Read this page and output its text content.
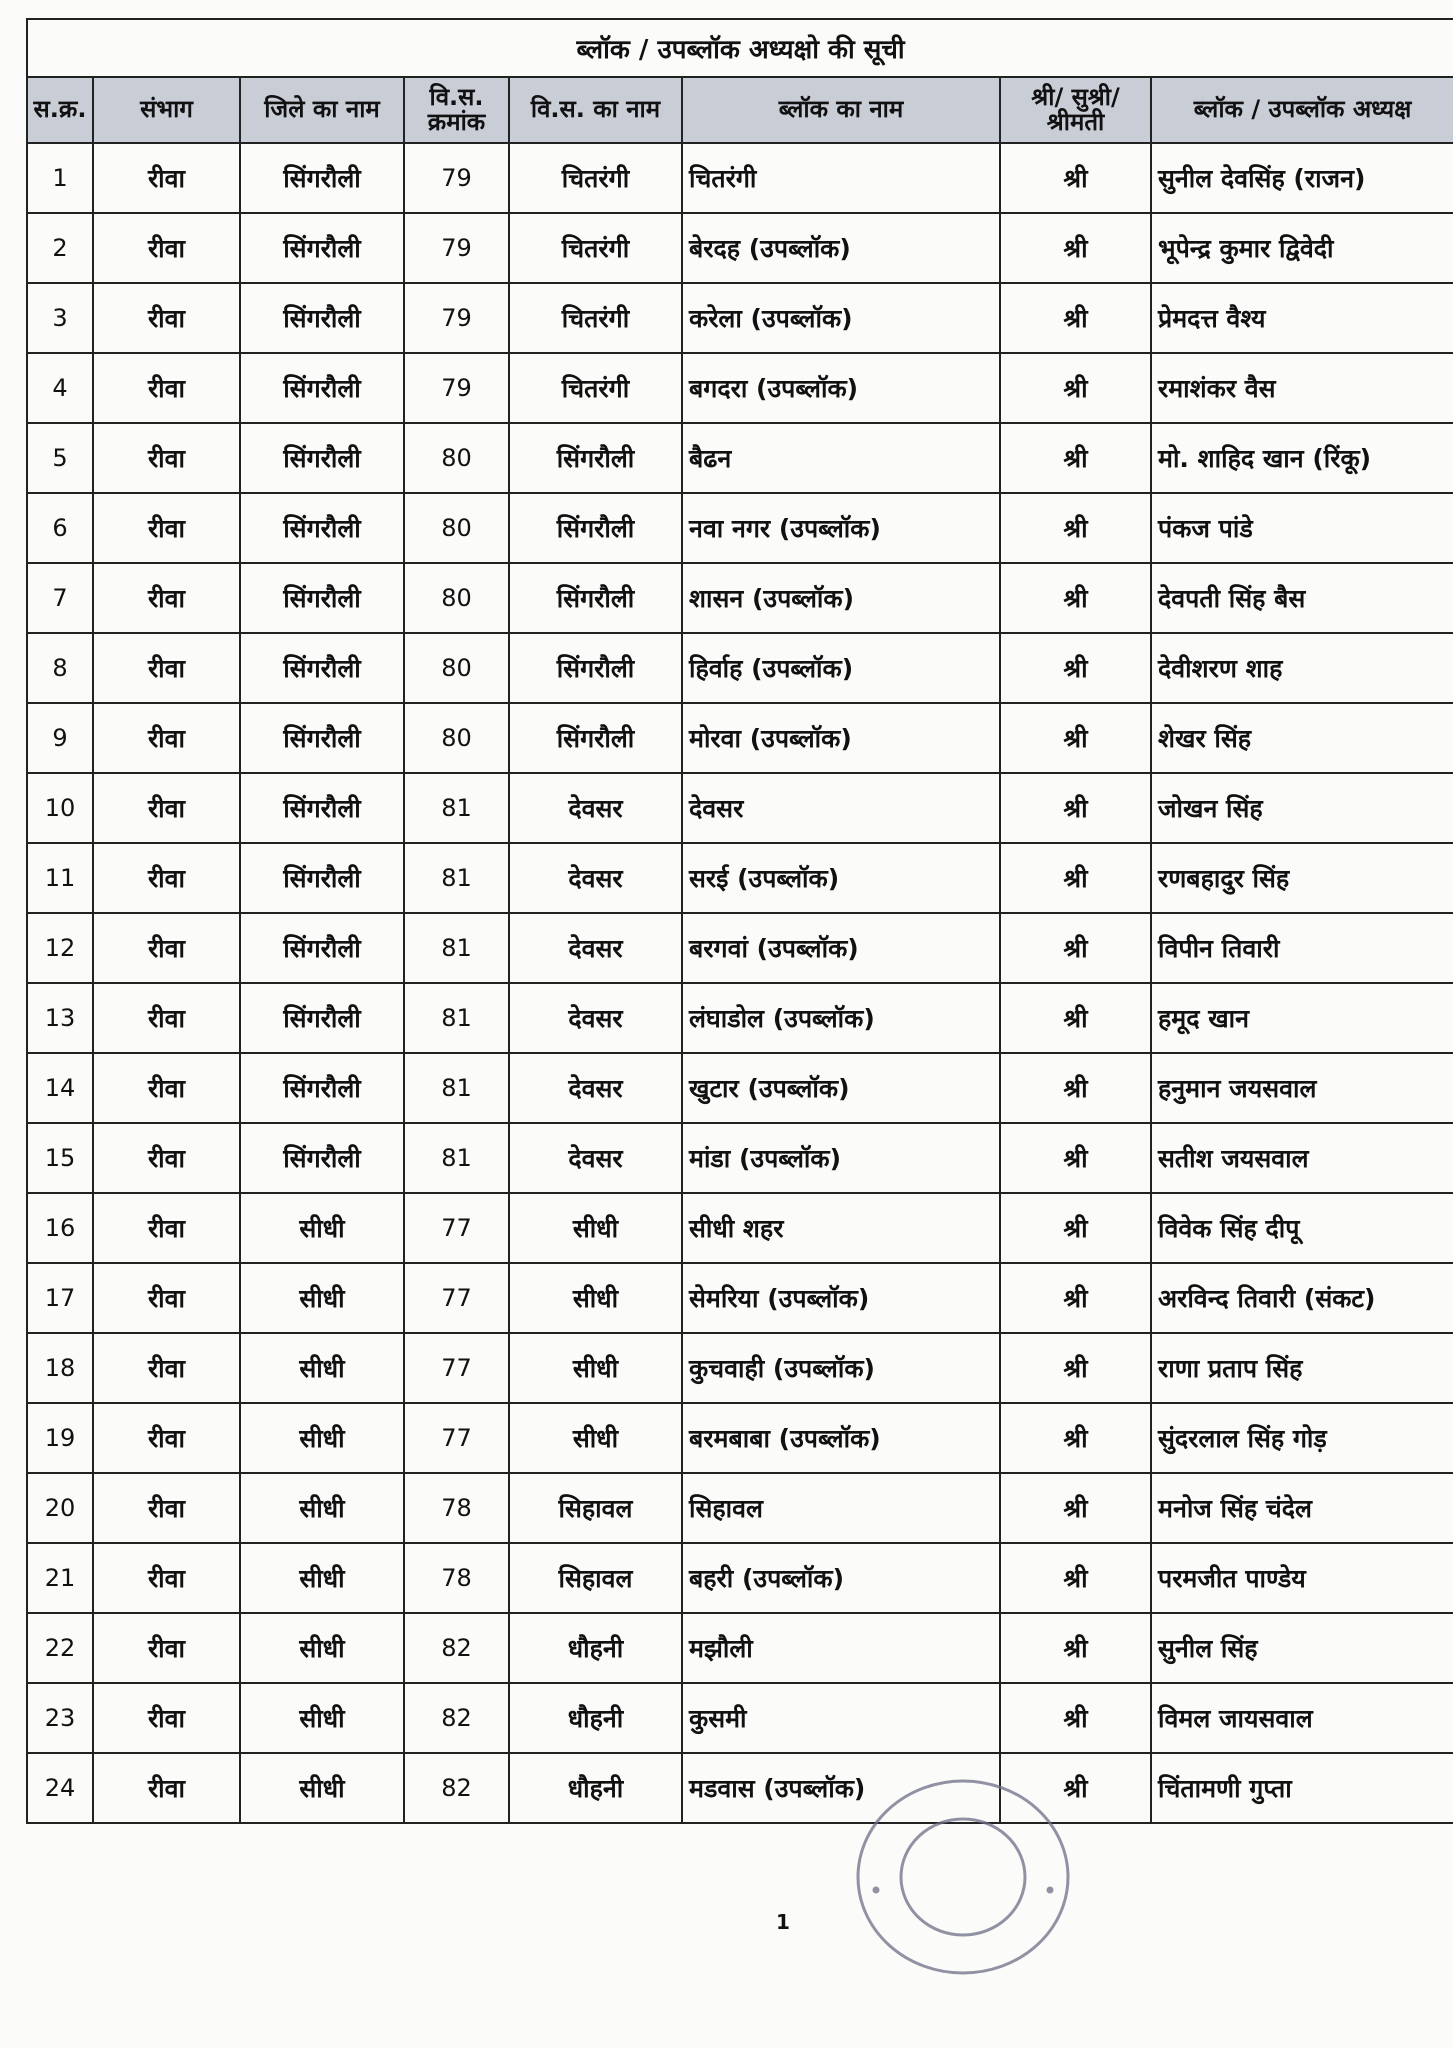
ब्लॉक / उपब्लॉक अध्यक्षो की सूची							
स.क्र.	संभाग	जिले का नाम	वि.स. क्रमांक	वि.स. का नाम	ब्लॉक का नाम	श्री/ सुश्री/ श्रीमती	ब्लॉक / उपब्लॉक अध्यक्ष
1	रीवा	सिंगरौली	79	चितरंगी	चितरंगी	श्री	सुनील देवसिंह (राजन)
2	रीवा	सिंगरौली	79	चितरंगी	बेरदह (उपब्लॉक)	श्री	भूपेन्द्र कुमार द्विवेदी
3	रीवा	सिंगरौली	79	चितरंगी	करेला (उपब्लॉक)	श्री	प्रेमदत्त वैश्य
4	रीवा	सिंगरौली	79	चितरंगी	बगदरा (उपब्लॉक)	श्री	रमाशंकर वैस
5	रीवा	सिंगरौली	80	सिंगरौली	बैढन	श्री	मो. शाहिद खान (रिंकू)
6	रीवा	सिंगरौली	80	सिंगरौली	नवा नगर (उपब्लॉक)	श्री	पंकज पांडे
7	रीवा	सिंगरौली	80	सिंगरौली	शासन (उपब्लॉक)	श्री	देवपती सिंह बैस
8	रीवा	सिंगरौली	80	सिंगरौली	हिर्वाह (उपब्लॉक)	श्री	देवीशरण शाह
9	रीवा	सिंगरौली	80	सिंगरौली	मोरवा (उपब्लॉक)	श्री	शेखर सिंह
10	रीवा	सिंगरौली	81	देवसर	देवसर	श्री	जोखन सिंह
11	रीवा	सिंगरौली	81	देवसर	सरई (उपब्लॉक)	श्री	रणबहादुर सिंह
12	रीवा	सिंगरौली	81	देवसर	बरगवां (उपब्लॉक)	श्री	विपीन तिवारी
13	रीवा	सिंगरौली	81	देवसर	लंघाडोल (उपब्लॉक)	श्री	हमूद खान
14	रीवा	सिंगरौली	81	देवसर	खुटार (उपब्लॉक)	श्री	हनुमान जयसवाल
15	रीवा	सिंगरौली	81	देवसर	मांडा (उपब्लॉक)	श्री	सतीश जयसवाल
16	रीवा	सीधी	77	सीधी	सीधी शहर	श्री	विवेक सिंह दीपू
17	रीवा	सीधी	77	सीधी	सेमरिया (उपब्लॉक)	श्री	अरविन्द तिवारी (संकट)
18	रीवा	सीधी	77	सीधी	कुचवाही (उपब्लॉक)	श्री	राणा प्रताप सिंह
19	रीवा	सीधी	77	सीधी	बरमबाबा (उपब्लॉक)	श्री	सुंदरलाल सिंह गोड़
20	रीवा	सीधी	78	सिहावल	सिहावल	श्री	मनोज सिंह चंदेल
21	रीवा	सीधी	78	सिहावल	बहरी (उपब्लॉक)	श्री	परमजीत पाण्डेय
22	रीवा	सीधी	82	धौहनी	मझौली	श्री	सुनील सिंह
23	रीवा	सीधी	82	धौहनी	कुसमी	श्री	विमल जायसवाल
24	रीवा	सीधी	82	धौहनी	मडवास (उपब्लॉक)	श्री	चिंतामणी गुप्ता
1
